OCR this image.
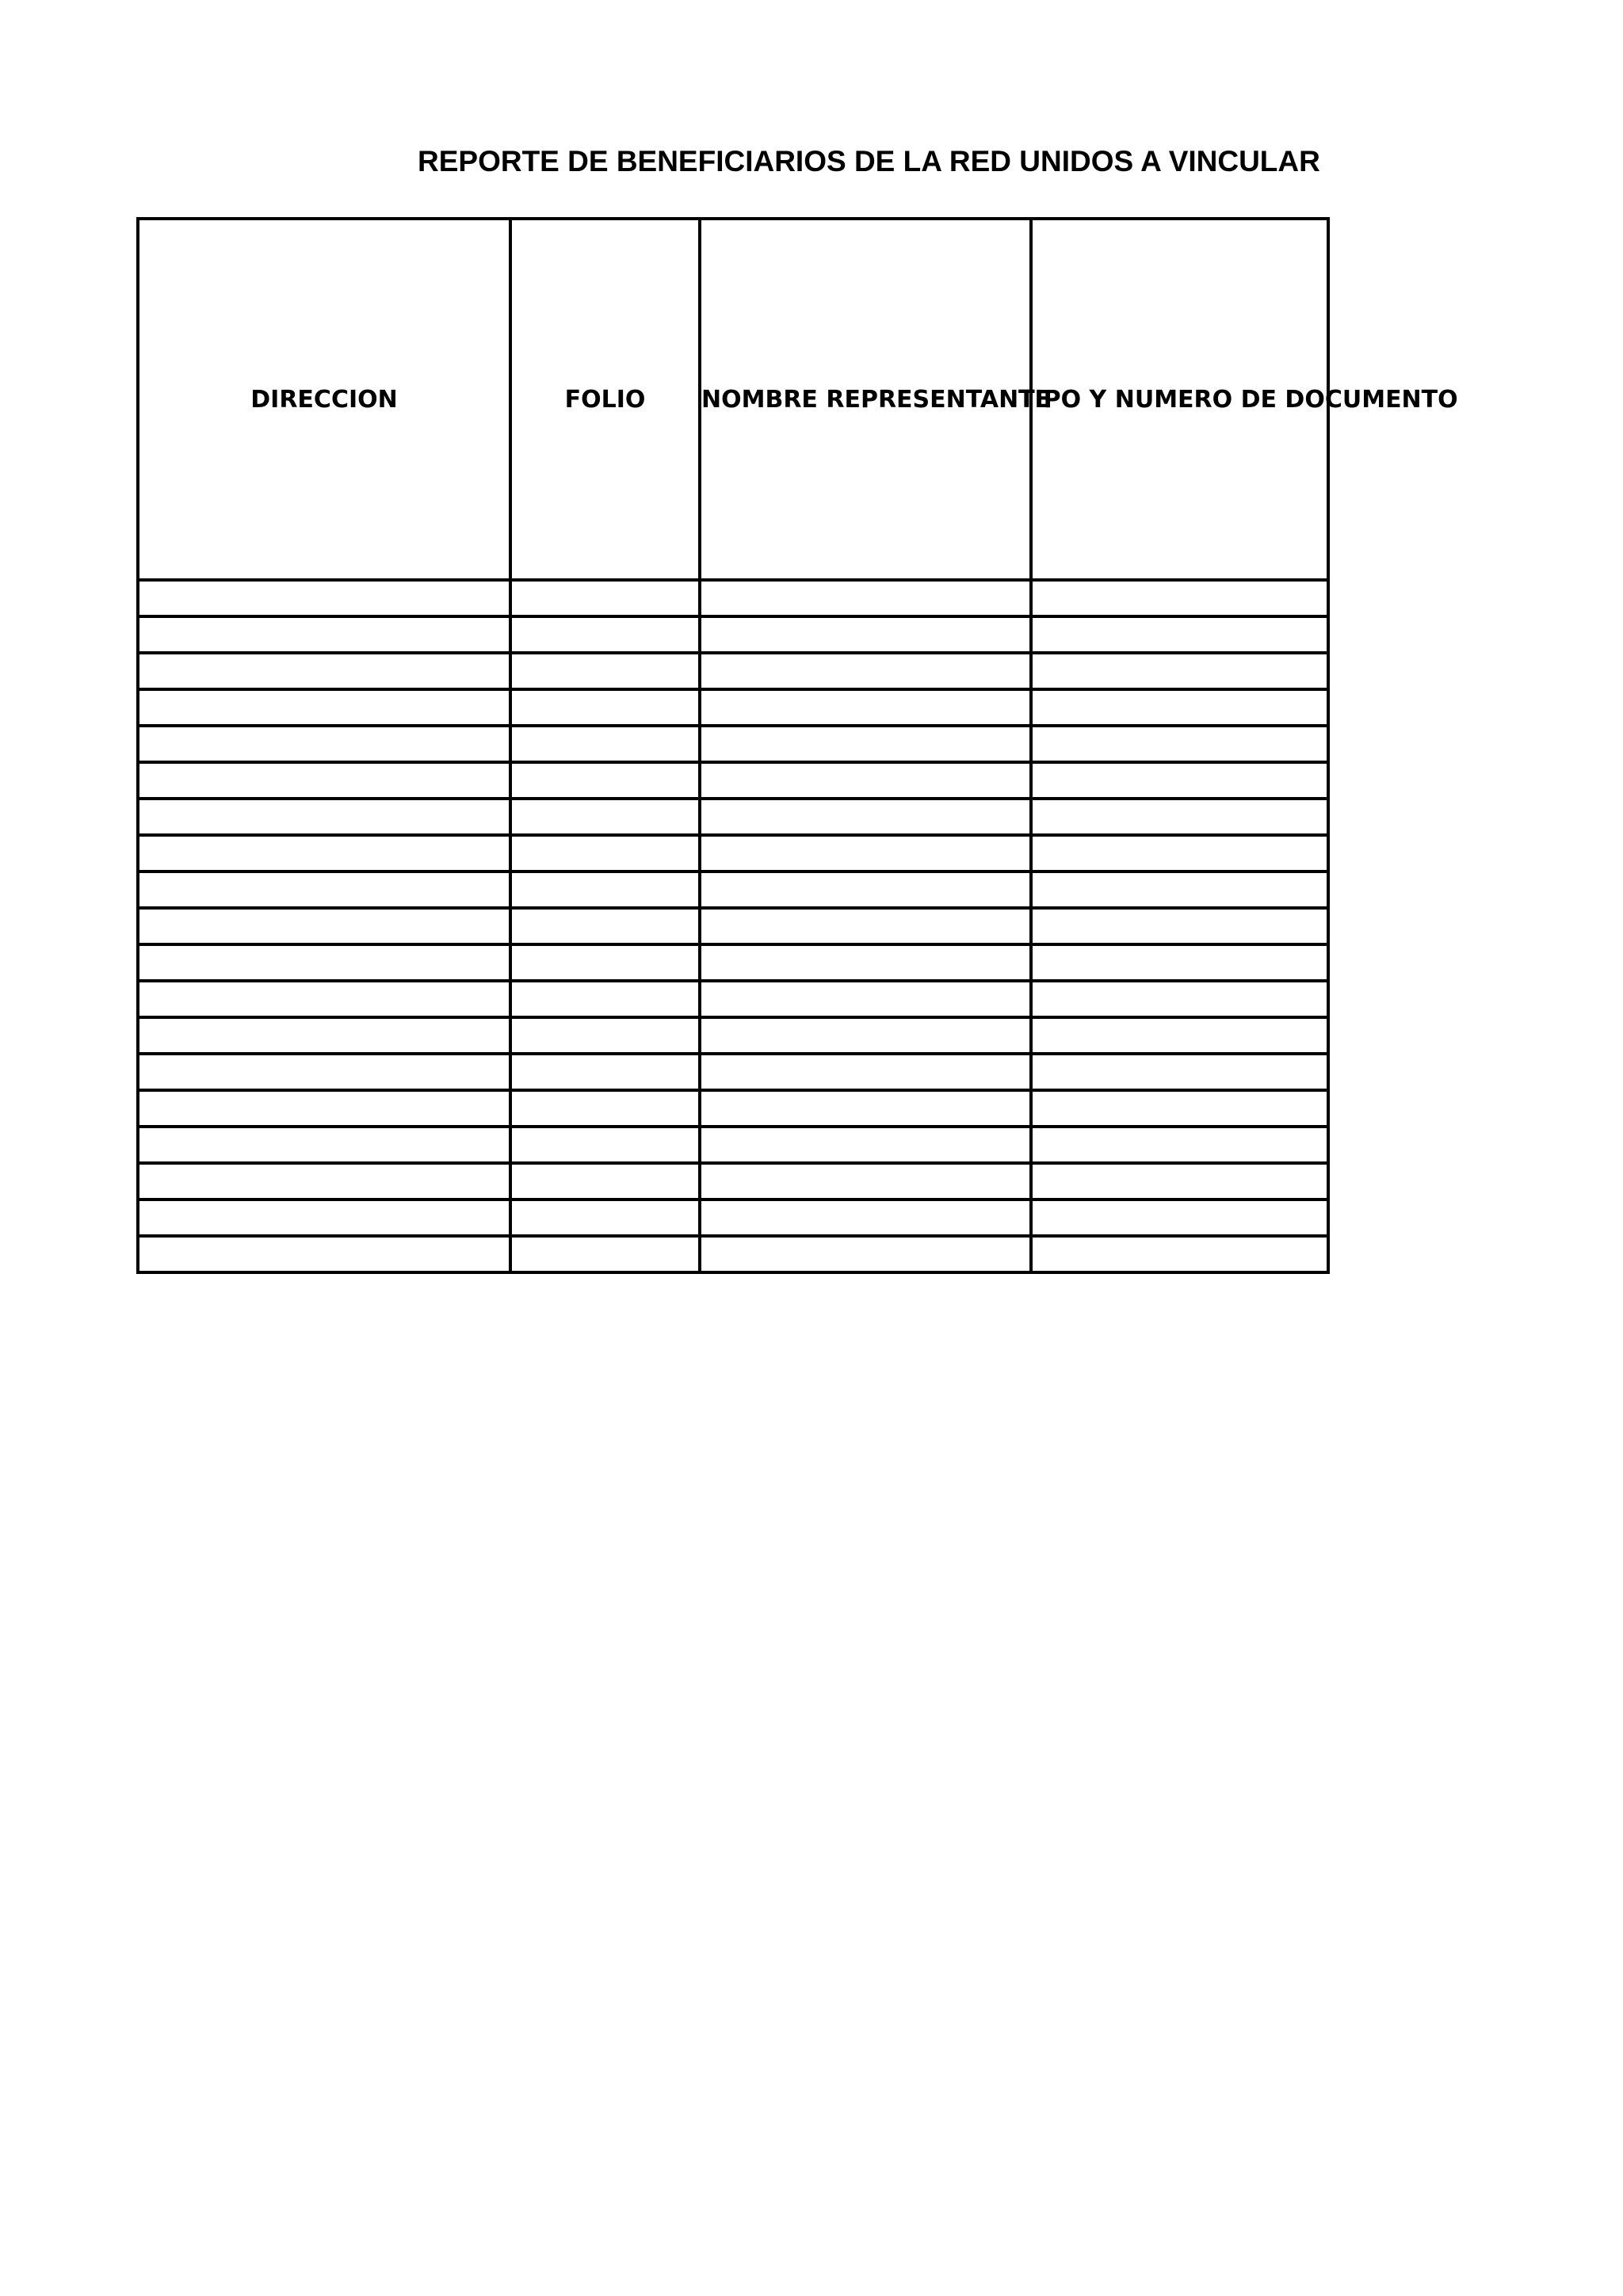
REPORTE DE BENEFICIARIOS DE LA RED UNIDOS A VINCULAR
DIRECCION	FOLIO	NOMBRE REPRESENTANTE	TIPO Y NUMERO DE DOCUMENTO
